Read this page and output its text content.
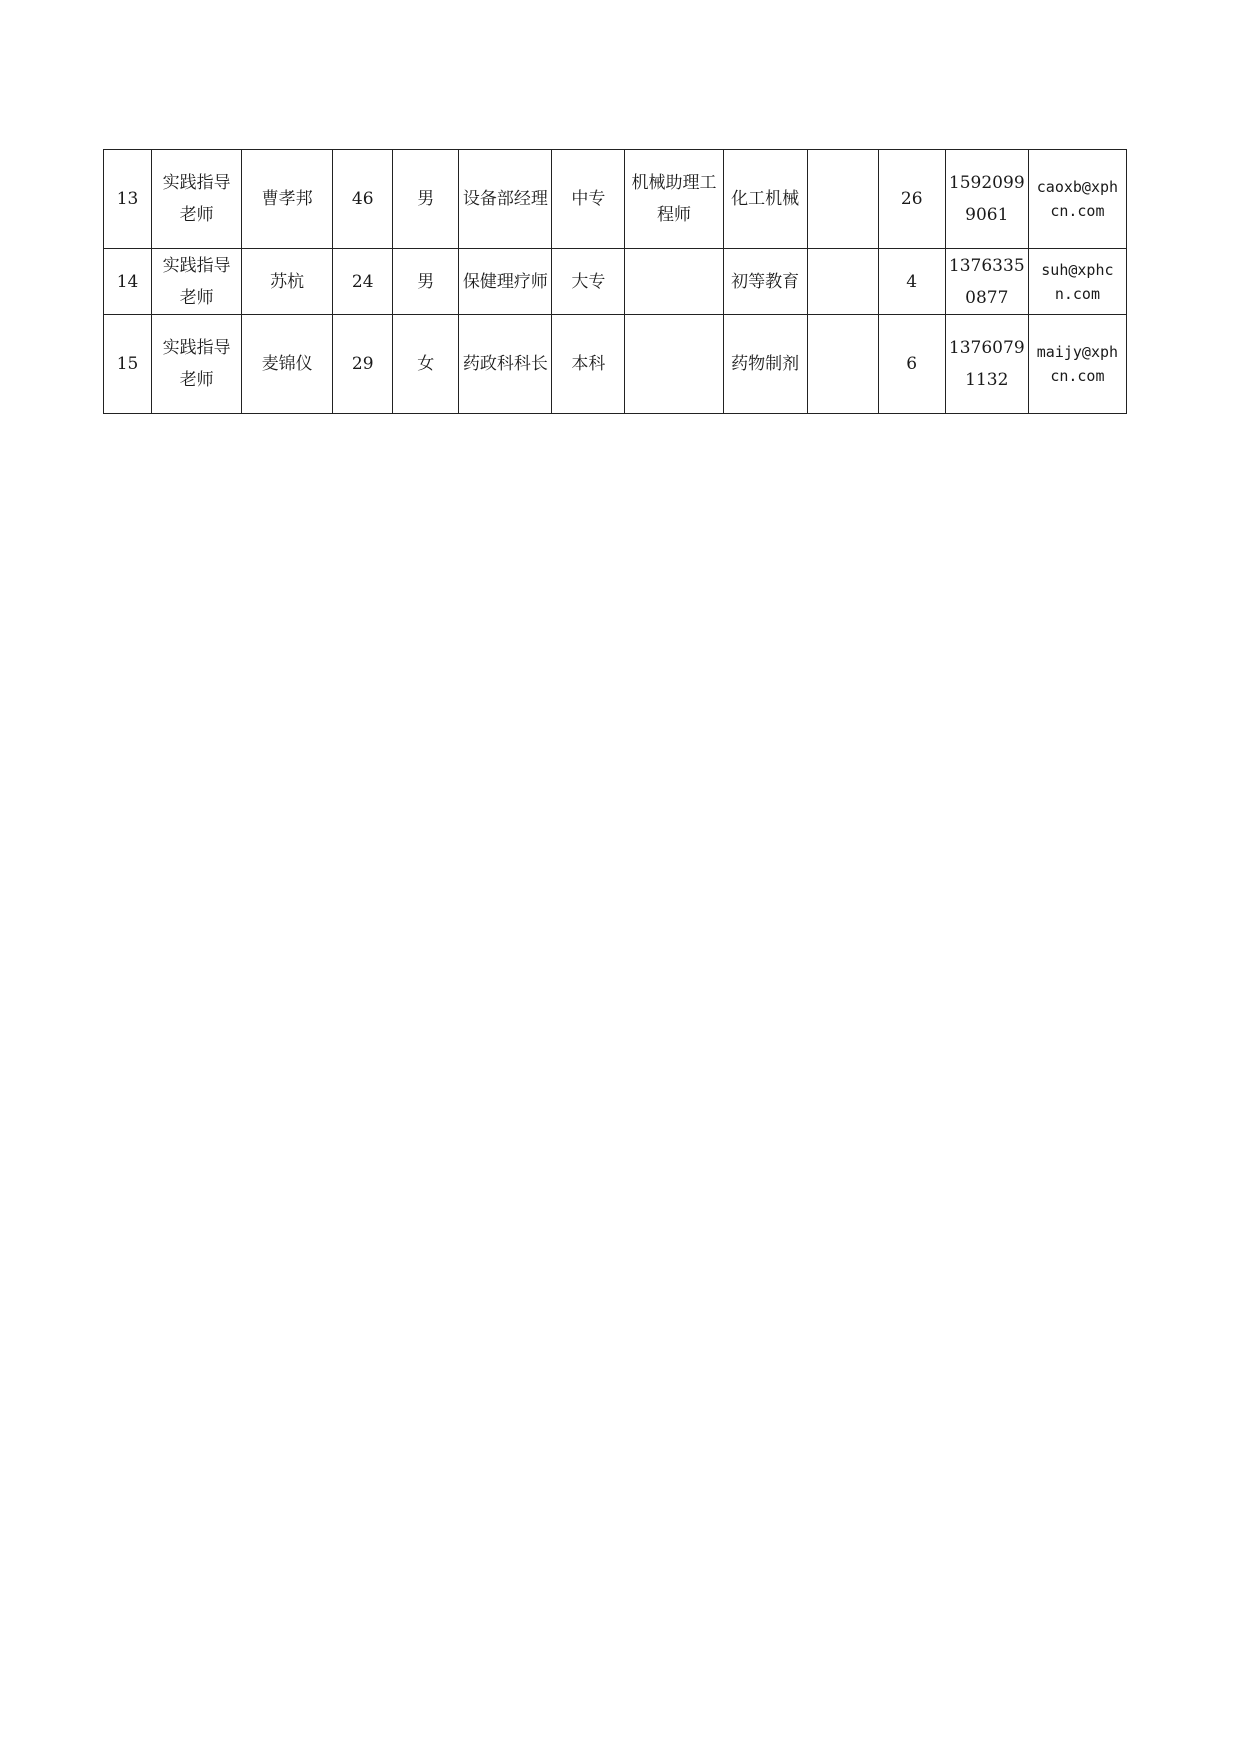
13	实践指导老师	曹孝邦	46	男	设备部经理	中专	机械助理工程师	化工机械		26	15920999061	caoxb@xphcn.com
14	实践指导老师	苏杭	24	男	保健理疗师	大专		初等教育		4	13763350877	suh@xphcn.com
15	实践指导老师	麦锦仪	29	女	药政科科长	本科		药物制剂		6	13760791132	maijy@xphcn.com
